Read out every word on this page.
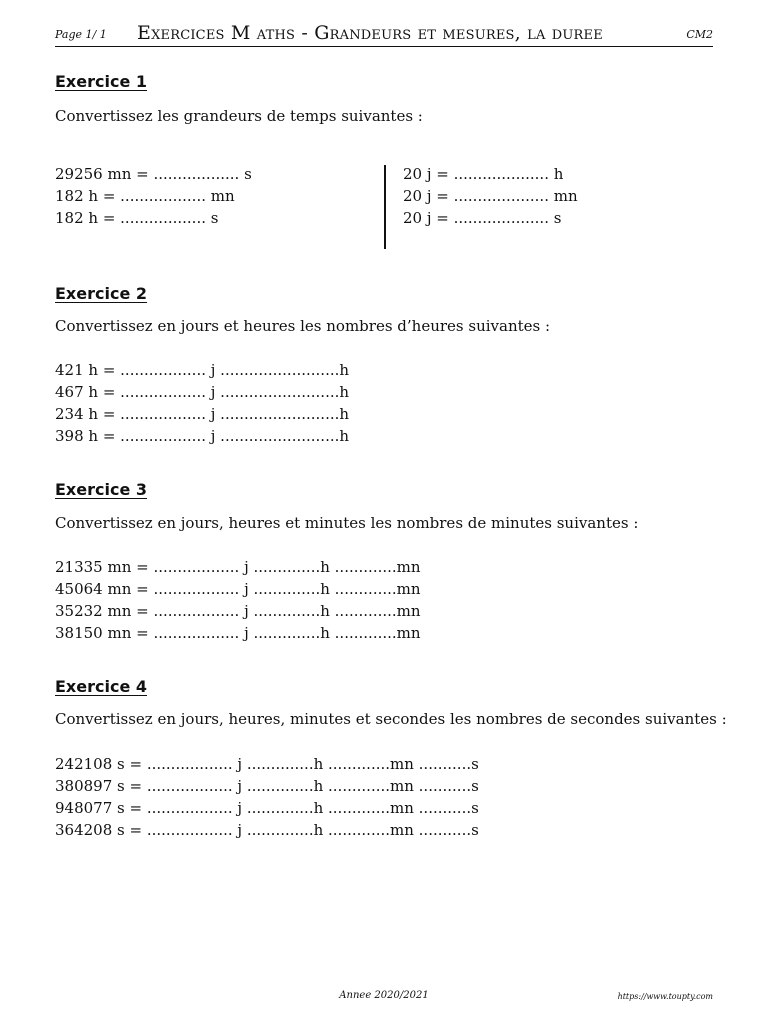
Page 1/ 1 Exercices M aths - Grandeurs et mesures, la duree	CM2
Exercice 1
Convertissez les grandeurs de temps suivantes :
29256 mn = .................. s
182 h = .................. mn
182 h = .................. s
20 j = .................... h
20 j = .................... mn
20 j = .................... s
Exercice 2
Convertissez en jours et heures les nombres d’heures suivantes :
421 h = .................. j .........................h
467 h = .................. j .........................h
234 h = .................. j .........................h
398 h = .................. j .........................h
Exercice 3
Convertissez en jours, heures et minutes les nombres de minutes suivantes :
21335 mn = .................. j ..............h .............mn
45064 mn = .................. j ..............h .............mn
35232 mn = .................. j ..............h .............mn
38150 mn = .................. j ..............h .............mn
Exercice 4
Convertissez en jours, heures, minutes et secondes les nombres de secondes suivantes :
242108 s = .................. j ..............h .............mn ...........s
380897 s = .................. j ..............h .............mn ...........s
948077 s = .................. j ..............h .............mn ...........s
364208 s = .................. j ..............h .............mn ...........s
Annee 2020/2021	https://www.toupty.com
